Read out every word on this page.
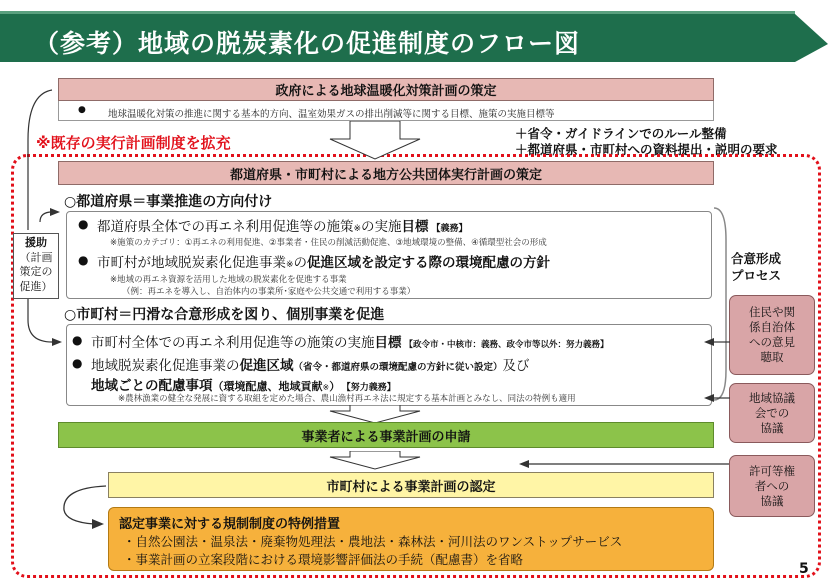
（参考）地域の脱炭素化の促進制度のフロー図
政府による地球温暖化対策計画の策定
● 地球温暖化対策の推進に関する基本的方向、温室効果ガスの排出削減等に関する目標、施策の実施目標等
＋省令・ガイドラインでのルール整備
＋都道府県・市町村への資料提出・説明の要求
※既存の実行計画制度を拡充
都道府県・市町村による地方公共団体実行計画の策定
援助
（計画
策定の
促進）
○都道府県＝事業推進の方向付け
● 都道府県全体での再エネ利用促進等の施策※の実施目標 【義務】
※施策のカテゴリ：①再エネの利用促進、②事業者・住民の削減活動促進、③地域環境の整備、④循環型社会の形成
● 市町村が地域脱炭素化促進事業※の促進区域を設定する際の環境配慮の方針
※地域の再エネ資源を活用した地域の脱炭素化を促進する事業
（例：再エネを導入し、自治体内の事業所･家庭や公共交通で利用する事業）
合意形成
プロセス
○市町村＝円滑な合意形成を図り、個別事業を促進
● 市町村全体での再エネ利用促進等の施策の実施目標 【政令市・中核市：義務、政令市等以外：努力義務】
● 地域脱炭素化促進事業の促進区域（省令・都道府県の環境配慮の方針に従い設定）及び
地域ごとの配慮事項（環境配慮、地域貢献※） 【努力義務】
※農林漁業の健全な発展に資する取組を定めた場合、農山漁村再エネ法に規定する基本計画とみなし、同法の特例も適用
住民や関
係自治体
への意見
聴取
地域協議
会での
協議
許可等権
者への
協議
事業者による事業計画の申請
市町村による事業計画の認定
認定事業に対する規制制度の特例措置
・自然公園法・温泉法・廃棄物処理法・農地法・森林法・河川法のワンストップサービス
・事業計画の立案段階における環境影響評価法の手続（配慮書）を省略
5
